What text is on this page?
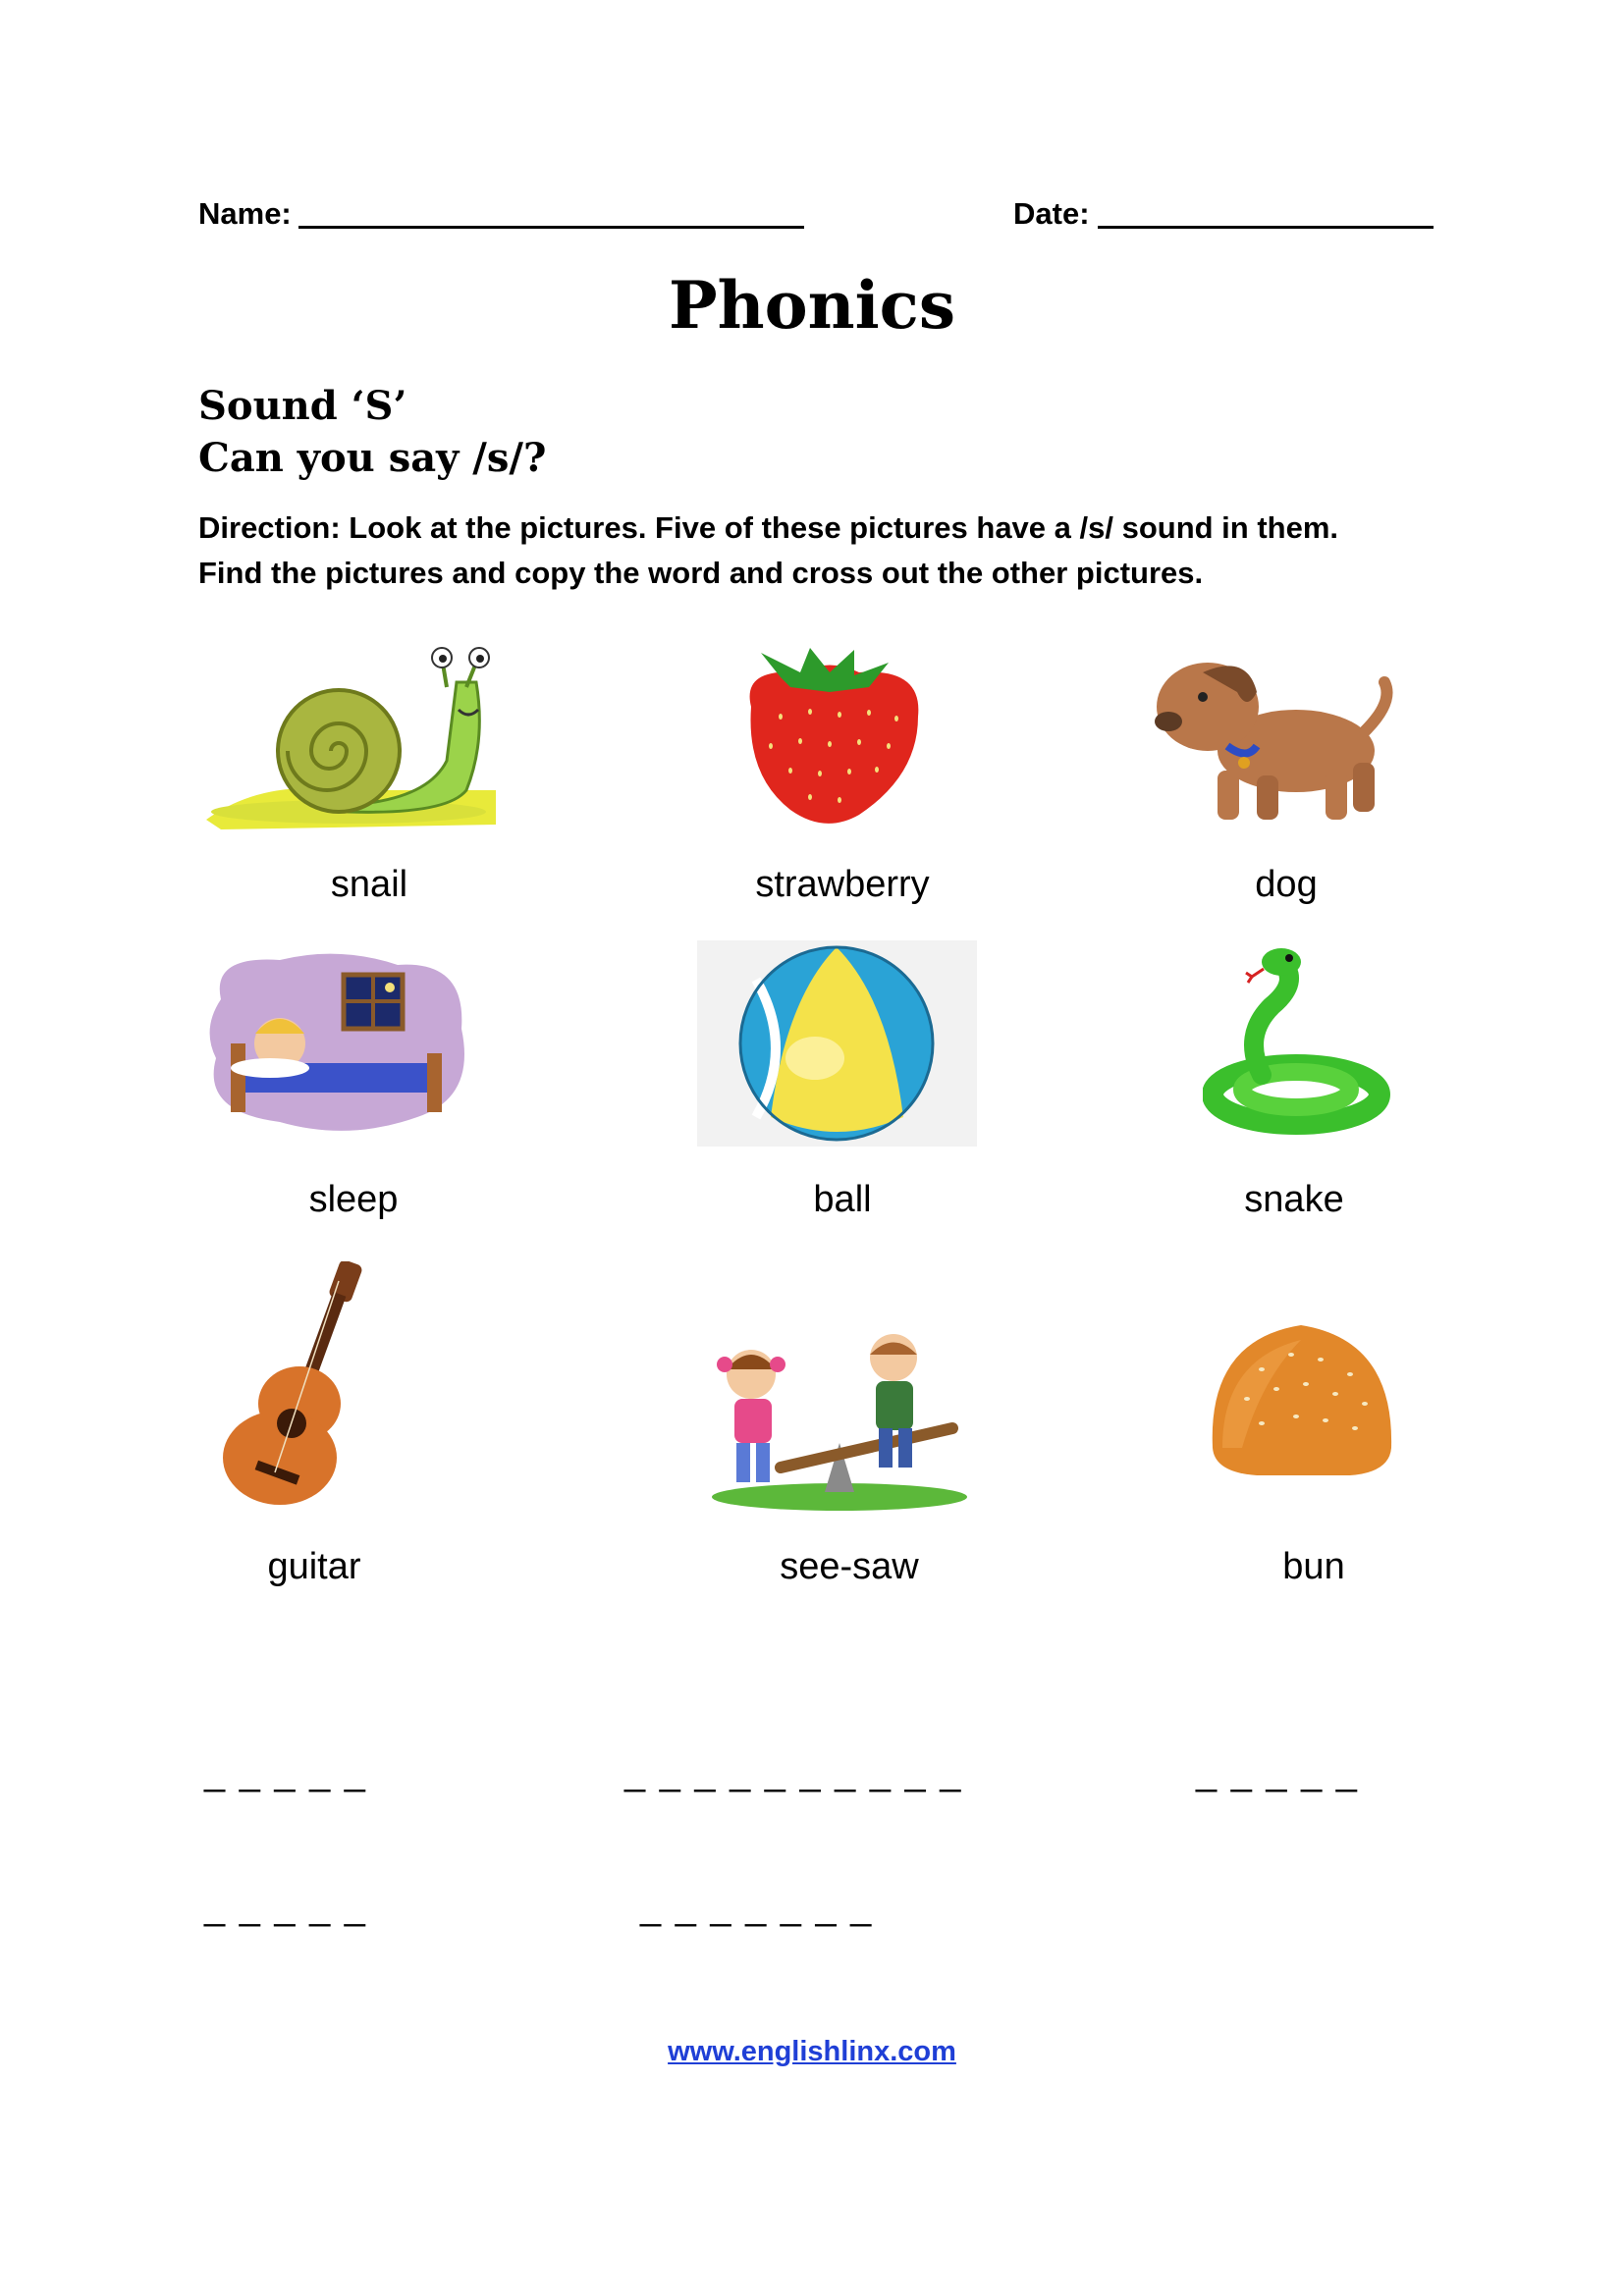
Name:	Date:
Phonics
Sound ‘S’
Can you say /s/?
Direction: Look at the pictures. Five of these pictures have a /s/ sound in them.
Find the pictures and copy the word and cross out the other pictures.
snail	strawberry	dog
sleep	ball	snake
guitar	see-saw	bun
_ _ _ _ _	_ _ _ _ _ _ _ _ _ _	_ _ _ _ _
_ _ _ _ _	_ _ _ _ _ _ _
www.englishlinx.com
